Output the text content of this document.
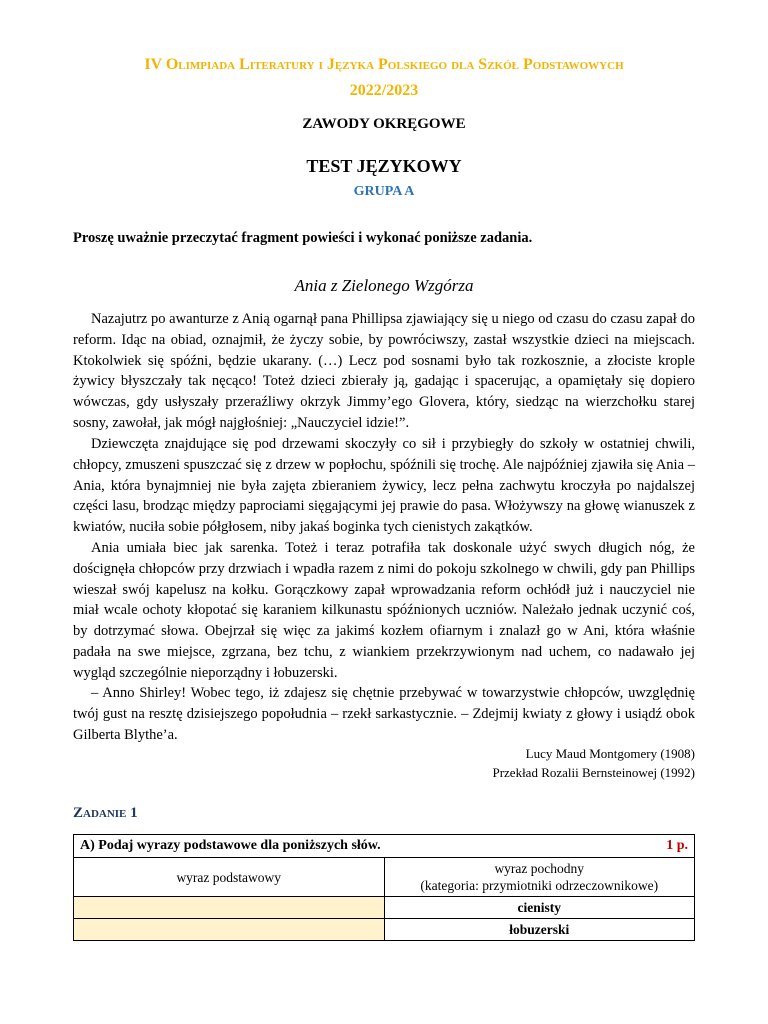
IV Olimpiada Literatury i Języka Polskiego dla Szkół Podstawowych
2022/2023
ZAWODY OKRĘGOWE
TEST JĘZYKOWY
GRUPA A
Proszę uważnie przeczytać fragment powieści i wykonać poniższe zadania.
Ania z Zielonego Wzgórza

Nazajutrz po awanturze z Anią ogarnął pana Phillipsa zjawiający się u niego od czasu do czasu zapał do reform. Idąc na obiad, oznajmił, że życzy sobie, by powróciwszy, zastał wszystkie dzieci na miejscach. Ktokolwiek się spóźni, będzie ukarany. (…) Lecz pod sosnami było tak rozkosznie, a złociste krople żywicy błyszczały tak nęcąco! Toteż dzieci zbierały ją, gadając i spacerując, a opamiętały się dopiero wówczas, gdy usłyszały przeraźliwy okrzyk Jimmy’ego Glovera, który, siedząc na wierzchołku starej sosny, zawołał, jak mógł najgłośniej: „Nauczyciel idzie!”.

Dziewczęta znajdujące się pod drzewami skoczyły co sił i przybiegły do szkoły w ostatniej chwili, chłopcy, zmuszeni spuszczać się z drzew w popłochu, spóźnili się trochę. Ale najpóźniej zjawiła się Ania – Ania, która bynajmniej nie była zajęta zbieraniem żywicy, lecz pełna zachwytu kroczyła po najdalszej części lasu, brodząc między paprociami sięgającymi jej prawie do pasa. Włożywszy na głowę wianuszek z kwiatów, nuciła sobie półgłosem, niby jakaś boginka tych cienistych zakątków.

Ania umiała biec jak sarenka. Toteż i teraz potrafiła tak doskonale użyć swych długich nóg, że doścignęła chłopców przy drzwiach i wpadła razem z nimi do pokoju szkolnego w chwili, gdy pan Phillips wieszał swój kapelusz na kołku. Gorączkowy zapał wprowadzania reform ochłódł już i nauczyciel nie miał wcale ochoty kłopotać się karaniem kilkunastu spóźnionych uczniów. Należało jednak uczynić coś, by dotrzymać słowa. Obejrzał się więc za jakimś kozłem ofiarnym i znalazł go w Ani, która właśnie padała na swe miejsce, zgrzana, bez tchu, z wiankiem przekrzywionym nad uchem, co nadawało jej wygląd szczególnie nieporządny i łobuzerski.

– Anno Shirley! Wobec tego, iż zdajesz się chętnie przebywać w towarzystwie chłopców, uwzględnię twój gust na resztę dzisiejszego popołudnia – rzekł sarkastycznie. – Zdejmij kwiaty z głowy i usiądź obok Gilberta Blythe’a.

Lucy Maud Montgomery (1908)
Przekład Rozalii Bernsteinowej (1992)
Zadanie 1
A) Podaj wyrazy podstawowe dla poniższych słów. 1 p.	

wyraz podstawowy	wyraz pochodny
(kategoria: przymiotniki odrzeczownikowe)

	cienisty
	łobuzerski
